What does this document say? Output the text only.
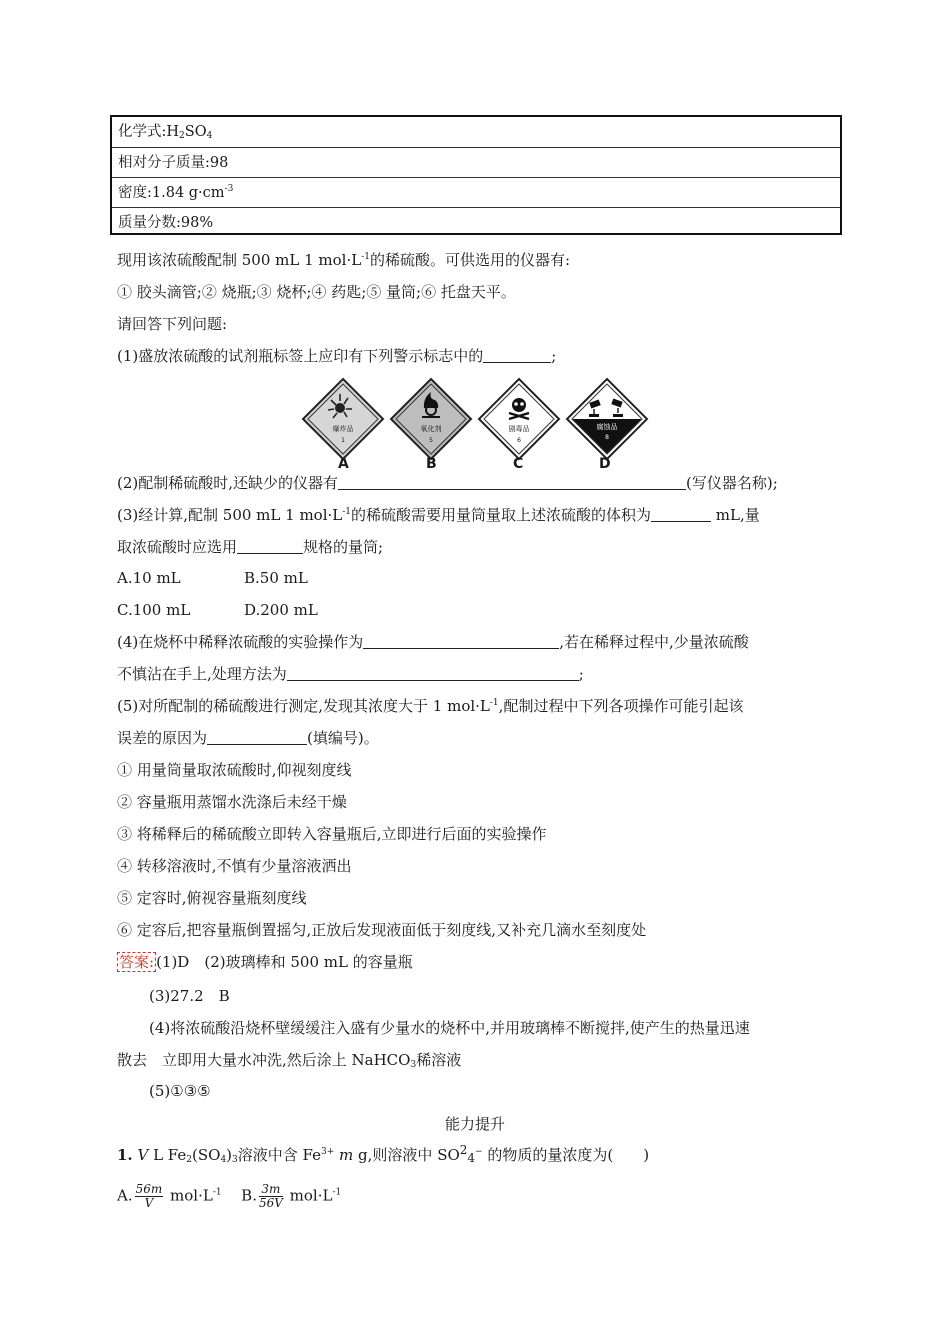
化学式$:H_2SO_4$
相对分子质量:98
密度:1.84 $g\cdot cm^{-3}$
质量分数:98%
现用该浓硫酸配制 500 mL 1 $mol\cdot L^{-1}$的稀硫酸。可供选用的仪器有:
① 胶头滴管;② 烧瓶;③ 烧杯;④ 药匙;⑤ 量筒;⑥ 托盘天平。
请回答下列问题:
(1)盛放浓硫酸的试剂瓶标签上应印有下列警示标志中的	;
爆炸品
1
氧化剂
5
剧毒品
6
腐蚀品
8
A	B	C	D
(2)配制稀硫酸时,还缺少的仪器有	(写仪器名称);
(3)经计算,配制 500 mL 1 $mol\cdot L^{-1}$的稀硫酸需要用量筒量取上述浓硫酸的体积为	mL,量
取浓硫酸时应选用	规格的量筒;
A.10 mL	B.50 mL
C.100 mL	D.200 mL
(4)在烧杯中稀释浓硫酸的实验操作为	,若在稀释过程中,少量浓硫酸
不慎沾在手上,处理方法为	;
(5)对所配制的稀硫酸进行测定,发现其浓度大于 1 $mol\cdot L^{-1}$,配制过程中下列各项操作可能引起该
误差的原因为	(填编号)。
① 用量筒量取浓硫酸时,仰视刻度线
② 容量瓶用蒸馏水洗涤后未经干燥
③ 将稀释后的稀硫酸立即转入容量瓶后,立即进行后面的实验操作
④ 转移溶液时,不慎有少量溶液洒出
⑤ 定容时,俯视容量瓶刻度线
⑥ 定容后,把容量瓶倒置摇匀,正放后发现液面低于刻度线,又补充几滴水至刻度处
答案: (1)D　(2)玻璃棒和 500 mL 的容量瓶
(3)27.2　B
(4)将浓硫酸沿烧杯壁缓缓注入盛有少量水的烧杯中,并用玻璃棒不断搅拌,使产生的热量迅速
散去　立即用大量水冲洗,然后涂上 NaHCO$_3$稀溶液
(5)①③⑤
能力提升
1. V L $Fe_2(SO_4)_3$溶液中含 $Fe^{3+}$ m g,则溶液中 $SO^2_4^-$ 的物质的量浓度为(　　)
A. $\frac{56m}{V} mol\cdot L^{-1}$ B. $\frac{3m}{56V} mol\cdot L^{-1}$
